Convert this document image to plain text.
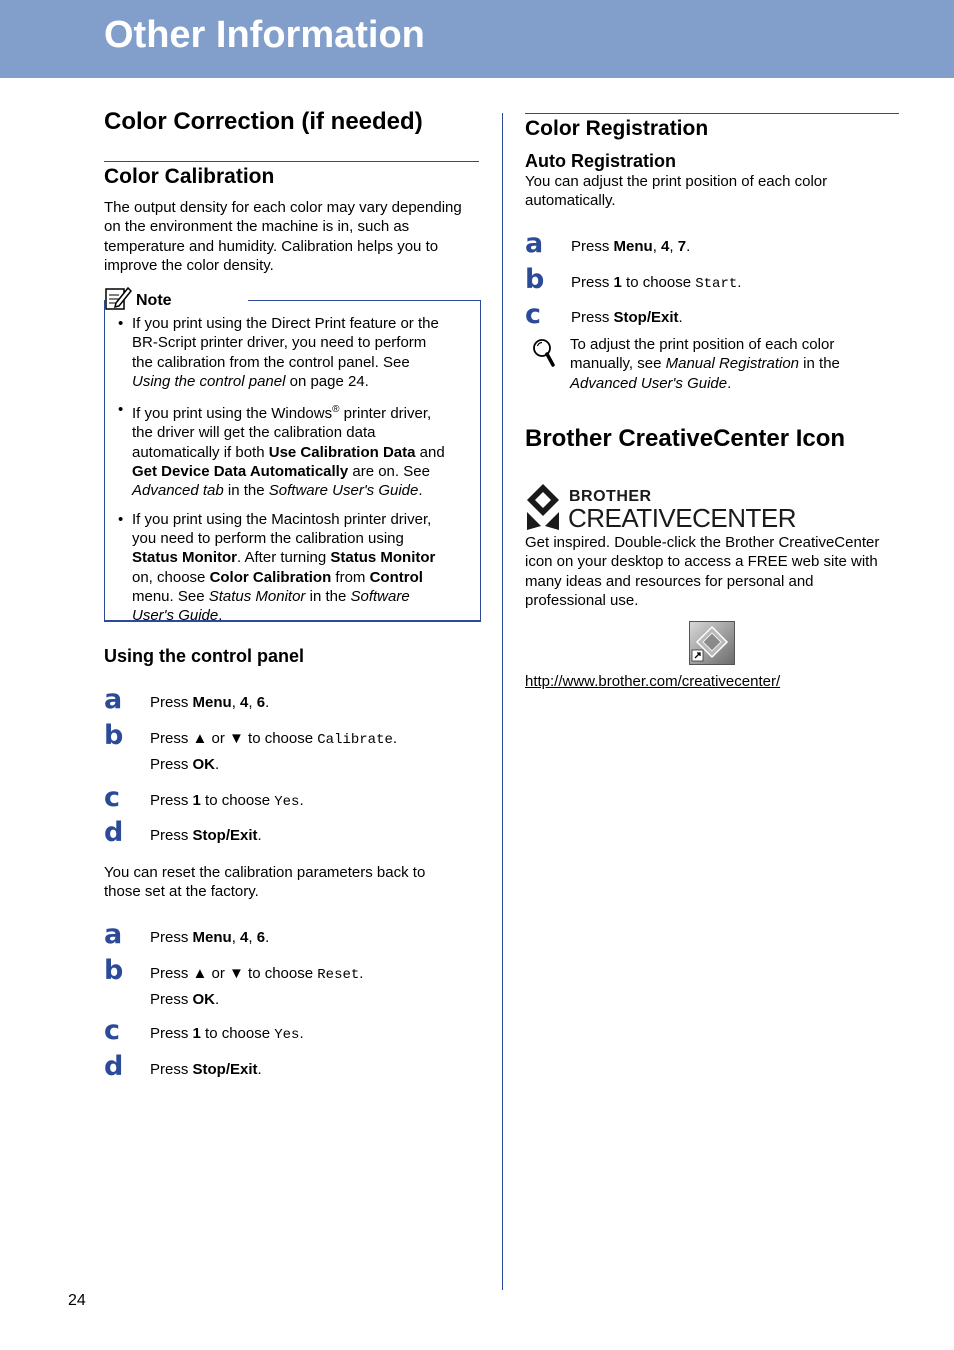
Other Information
Color Correction (if needed)
Color Calibration
The output density for each color may vary depending
on the environment the machine is in, such as
temperature and humidity. Calibration helps you to
improve the color density.
Note
• If you print using the Direct Print feature or the
BR-Script printer driver, you need to perform
the calibration from the control panel. See
Using the control panel on page 24.
• If you print using the Windows® printer driver,
the driver will get the calibration data
automatically if both Use Calibration Data and
Get Device Data Automatically are on. See
Advanced tab in the Software User's Guide.
• If you print using the Macintosh printer driver,
you need to perform the calibration using
Status Monitor. After turning Status Monitor
on, choose Color Calibration from Control
menu. See Status Monitor in the Software
User's Guide.
Using the control panel
a Press Menu, 4, 6.
b Press ▲ or ▼ to choose Calibrate.
Press OK.
c Press 1 to choose Yes.
d Press Stop/Exit.
You can reset the calibration parameters back to
those set at the factory.
a Press Menu, 4, 6.
b Press ▲ or ▼ to choose Reset.
Press OK.
c Press 1 to choose Yes.
d Press Stop/Exit.
Color Registration
Auto Registration
You can adjust the print position of each color
automatically.
a Press Menu, 4, 7.
b Press 1 to choose Start.
c Press Stop/Exit.
To adjust the print position of each color
manually, see Manual Registration in the
Advanced User's Guide.
Brother CreativeCenter Icon
BROTHER
CREATIVECENTER
Get inspired. Double-click the Brother CreativeCenter
icon on your desktop to access a FREE web site with
many ideas and resources for personal and
professional use.
http://www.brother.com/creativecenter/
24
